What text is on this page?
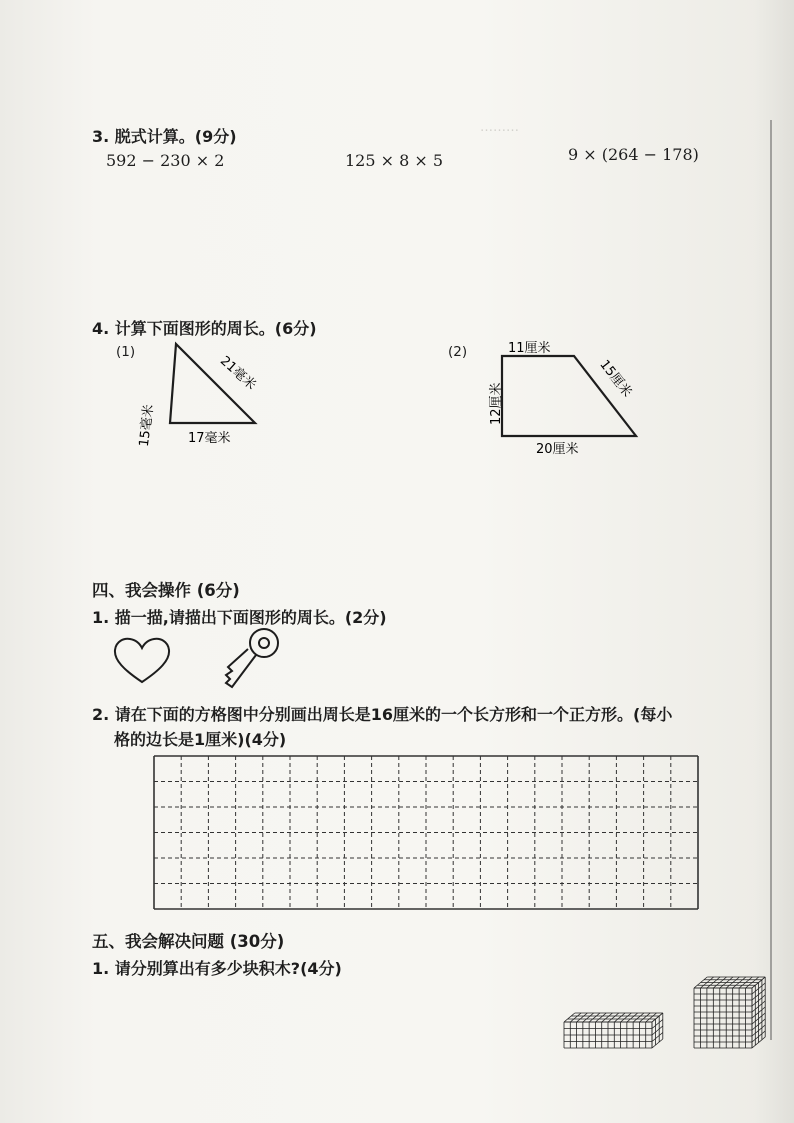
………
3. 脱式计算。(9分)
592 − 230 × 2	125 × 8 × 5	9 × (264 − 178)
4. 计算下面图形的周长。(6分)
(1)	(2)
15毫米
21毫米
17毫米
11厘米
15厘米
12厘米
20厘米
四、我会操作 (6分)
1. 描一描,请描出下面图形的周长。(2分)
2. 请在下面的方格图中分别画出周长是16厘米的一个长方形和一个正方形。(每小
格的边长是1厘米)(4分)
五、我会解决问题 (30分)
1. 请分别算出有多少块积木?(4分)
